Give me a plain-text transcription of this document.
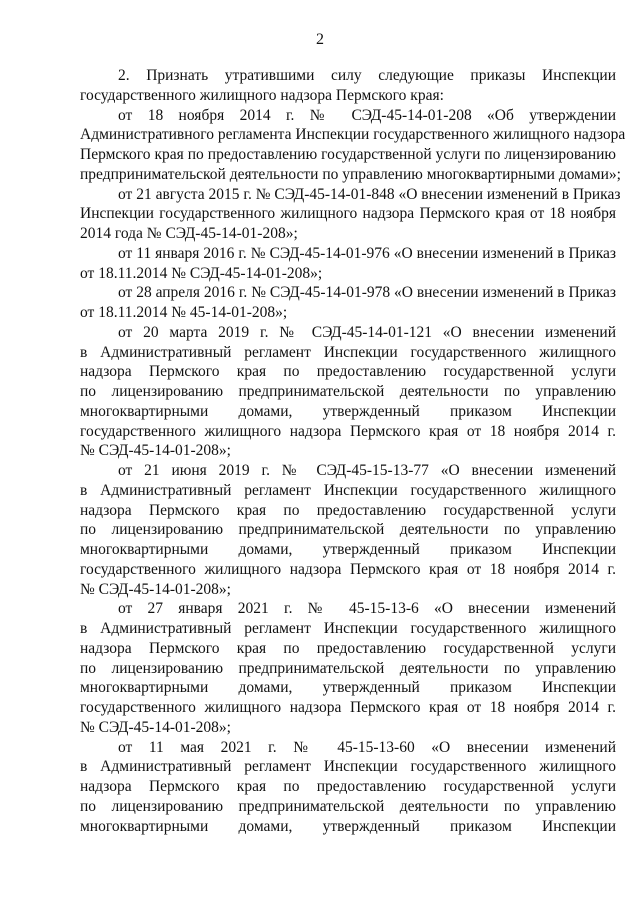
2
2. Признать утратившими силу следующие приказы Инспекции
государственного жилищного надзора Пермского края:
от 18 ноября 2014 г. № СЭД-45-14-01-208 «Об утверждении
Административного регламента Инспекции государственного жилищного надзора
Пермского края по предоставлению государственной услуги по лицензированию
предпринимательской деятельности по управлению многоквартирными домами»;
от 21 августа 2015 г. № СЭД-45-14-01-848 «О внесении изменений в Приказ
Инспекции государственного жилищного надзора Пермского края от 18 ноября
2014 года № СЭД-45-14-01-208»;
от 11 января 2016 г. № СЭД-45-14-01-976 «О внесении изменений в Приказ
от 18.11.2014 № СЭД-45-14-01-208»;
от 28 апреля 2016 г. № СЭД-45-14-01-978 «О внесении изменений в Приказ
от 18.11.2014 № 45-14-01-208»;
от 20 марта 2019 г. № СЭД-45-14-01-121 «О внесении изменений
в Административный регламент Инспекции государственного жилищного
надзора Пермского края по предоставлению государственной услуги
по лицензированию предпринимательской деятельности по управлению
многоквартирными домами, утвержденный приказом Инспекции
государственного жилищного надзора Пермского края от 18 ноября 2014 г.
№ СЭД-45-14-01-208»;
от 21 июня 2019 г. № СЭД-45-15-13-77 «О внесении изменений
в Административный регламент Инспекции государственного жилищного
надзора Пермского края по предоставлению государственной услуги
по лицензированию предпринимательской деятельности по управлению
многоквартирными домами, утвержденный приказом Инспекции
государственного жилищного надзора Пермского края от 18 ноября 2014 г.
№ СЭД-45-14-01-208»;
от 27 января 2021 г. № 45-15-13-6 «О внесении изменений
в Административный регламент Инспекции государственного жилищного
надзора Пермского края по предоставлению государственной услуги
по лицензированию предпринимательской деятельности по управлению
многоквартирными домами, утвержденный приказом Инспекции
государственного жилищного надзора Пермского края от 18 ноября 2014 г.
№ СЭД-45-14-01-208»;
от 11 мая 2021 г. № 45-15-13-60 «О внесении изменений
в Административный регламент Инспекции государственного жилищного
надзора Пермского края по предоставлению государственной услуги
по лицензированию предпринимательской деятельности по управлению
многоквартирными домами, утвержденный приказом Инспекции
